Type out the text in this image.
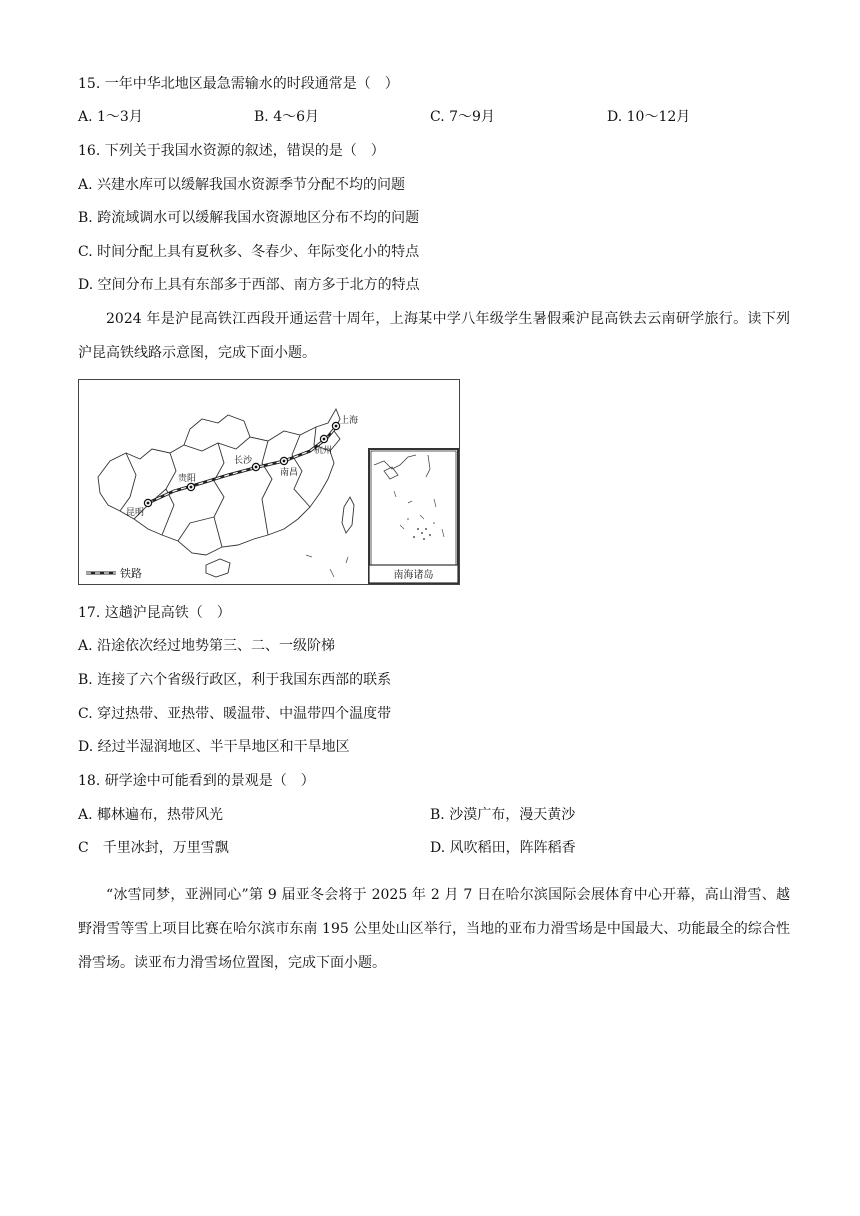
15. 一年中华北地区最急需输水的时段通常是（　）
A. 1～3月	B. 4～6月	C. 7～9月	D. 10～12月
16. 下列关于我国水资源的叙述，错误的是（　）
A. 兴建水库可以缓解我国水资源季节分配不均的问题
B. 跨流域调水可以缓解我国水资源地区分布不均的问题
C. 时间分配上具有夏秋多、冬春少、年际变化小的特点
D. 空间分布上具有东部多于西部、南方多于北方的特点
2024 年是沪昆高铁江西段开通运营十周年，上海某中学八年级学生暑假乘沪昆高铁去云南研学旅行。读下列沪昆高铁线路示意图，完成下面小题。
上海
杭州
南昌
长沙
贵阳
昆明
铁路	南海诸岛
17. 这趟沪昆高铁（　）
A. 沿途依次经过地势第三、二、一级阶梯
B. 连接了六个省级行政区，利于我国东西部的联系
C. 穿过热带、亚热带、暖温带、中温带四个温度带
D. 经过半湿润地区、半干旱地区和干旱地区
18. 研学途中可能看到的景观是（　）
A. 椰林遍布，热带风光	B. 沙漠广布，漫天黄沙
C　千里冰封，万里雪飘	D. 风吹稻田，阵阵稻香
“冰雪同梦，亚洲同心”第 9 届亚冬会将于 2025 年 2 月 7 日在哈尔滨国际会展体育中心开幕，高山滑雪、越野滑雪等雪上项目比赛在哈尔滨市东南 195 公里处山区举行，当地的亚布力滑雪场是中国最大、功能最全的综合性滑雪场。读亚布力滑雪场位置图，完成下面小题。
